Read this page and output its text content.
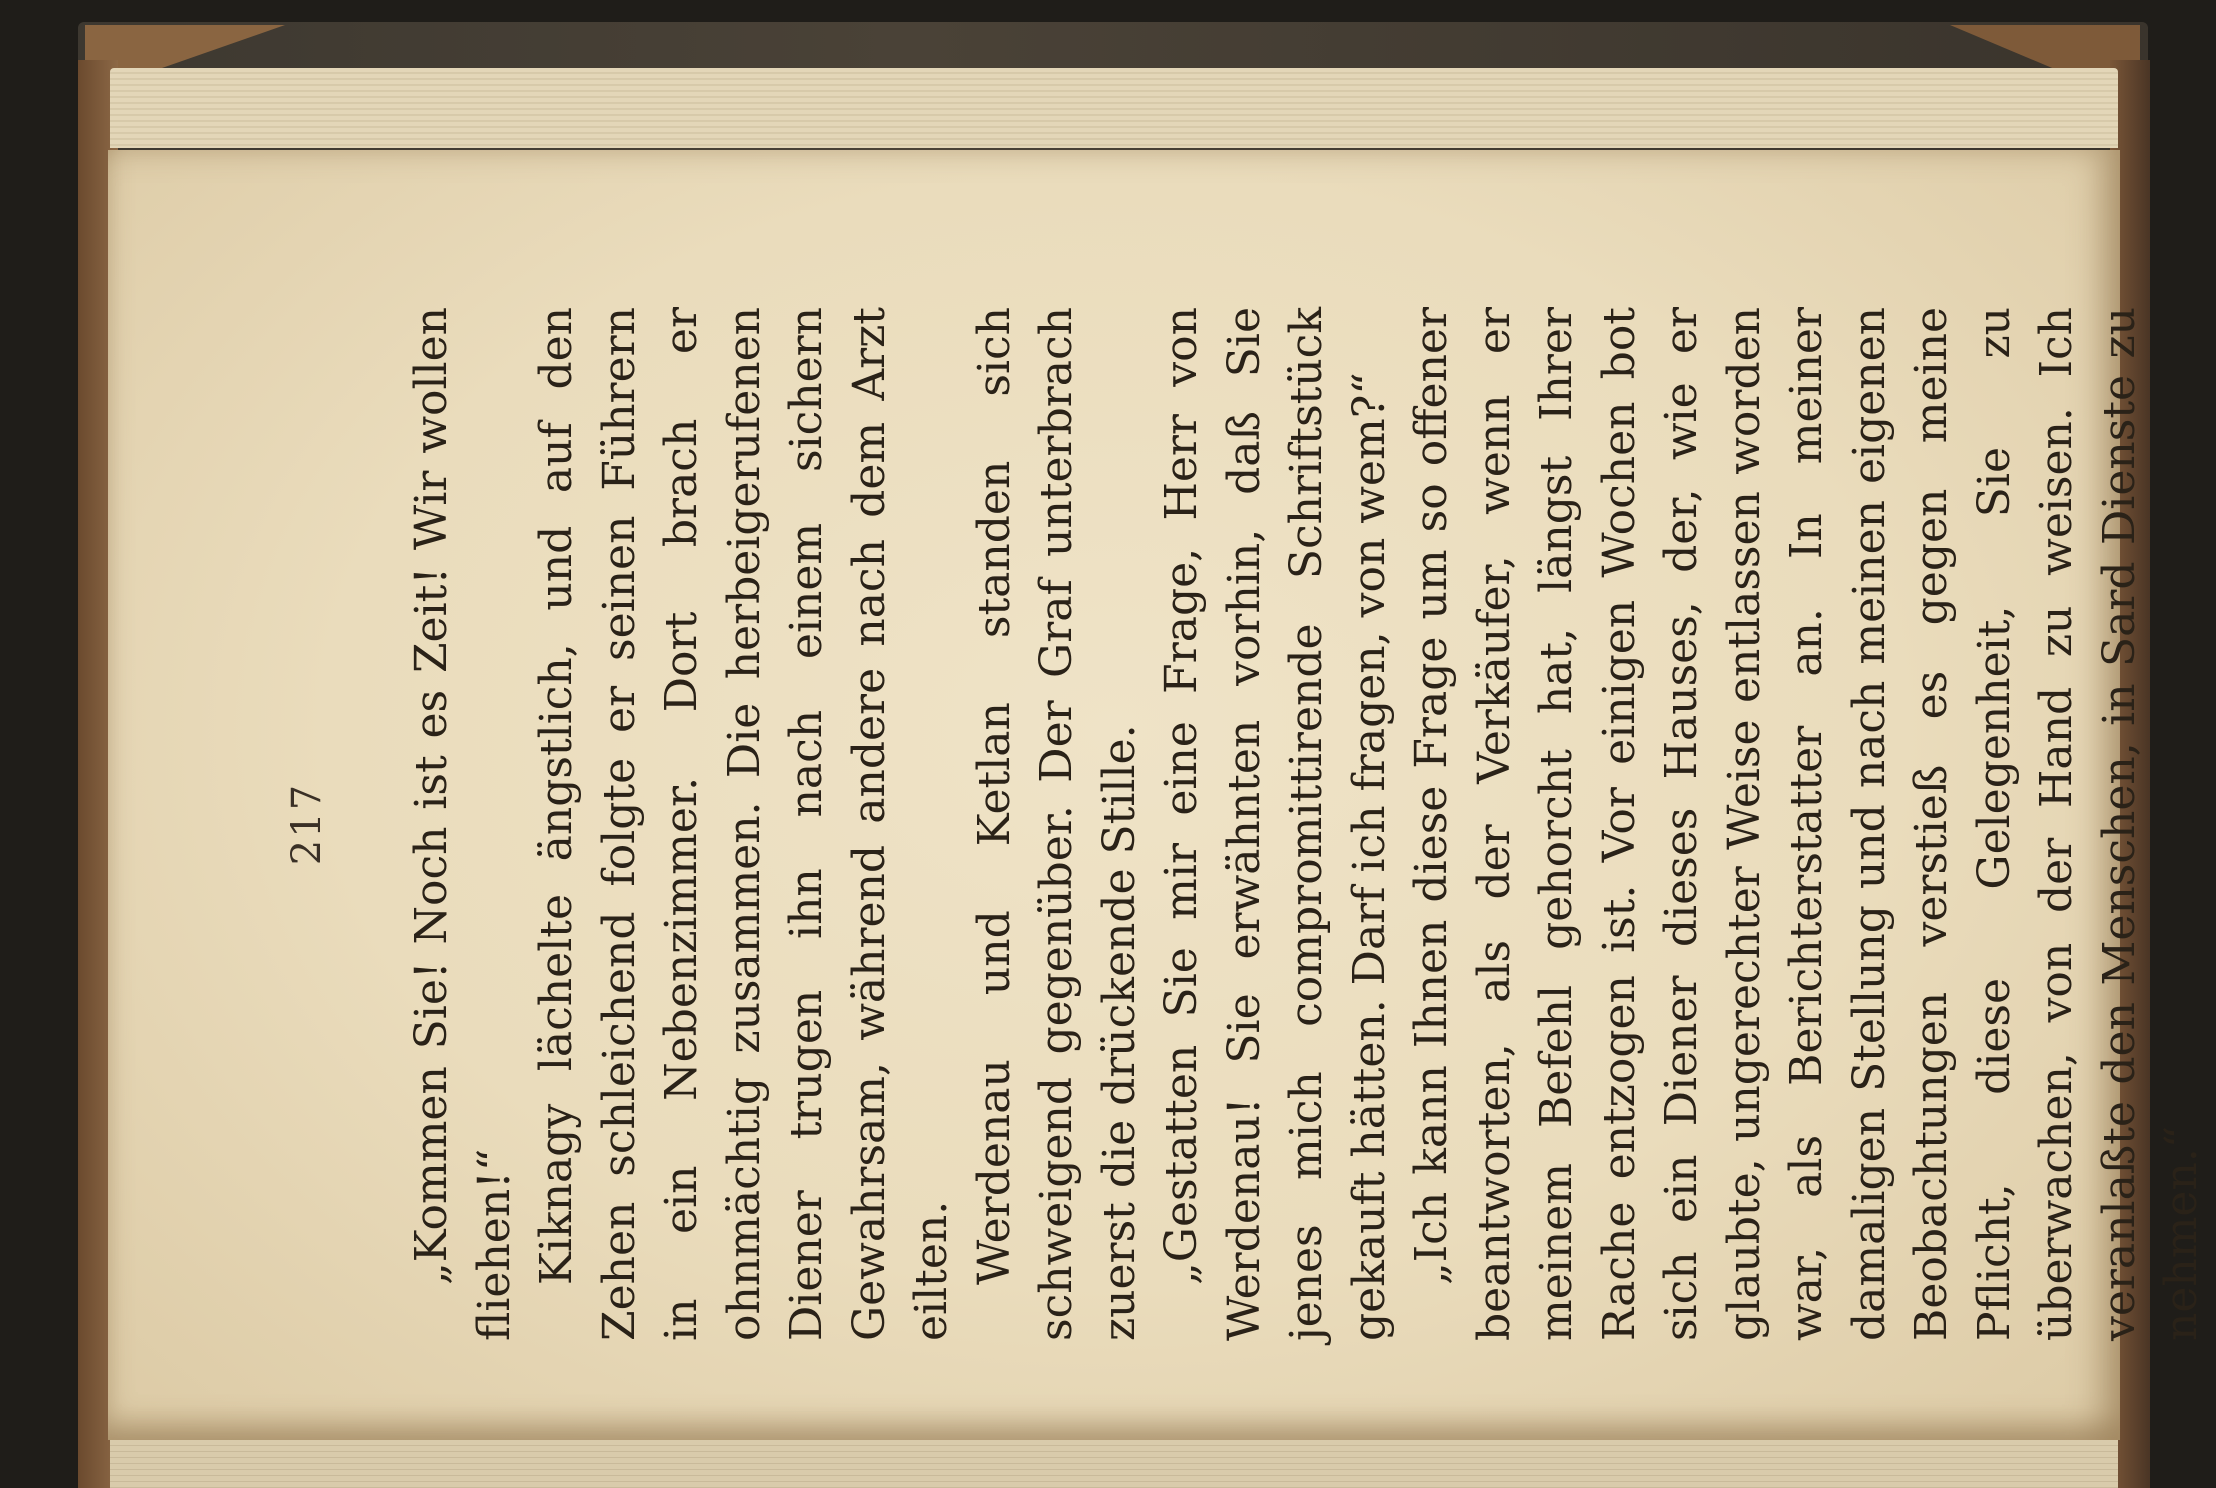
217 „Kommen Sie! Noch ist es Zeit! Wir wollen fliehen!“ Kiknagy lächelte ängstlich, und auf den Zehen schleichend folgte er seinen Führern in ein Nebenzimmer. Dort brach er ohnmächtig zusammen. Die herbeigerufenen Diener trugen ihn nach einem sichern Gewahrsam, während andere nach dem Arzt eilten. Werdenau und Ketlan standen sich schweigend gegenüber. Der Graf unterbrach zuerst die drückende Stille. „Gestatten Sie mir eine Frage, Herr von Werdenau! Sie erwähnten vorhin, daß Sie jenes mich compromittirende Schriftstück gekauft hätten. Darf ich fragen, von wem?“ „Ich kann Ihnen diese Frage um so offener beantworten, als der Verkäufer, wenn er meinem Befehl gehorcht hat, längst Ihrer Rache entzogen ist. Vor einigen Wochen bot sich ein Diener dieses Hauses, der, wie er glaubte, ungerechter Weise entlassen worden war, als Berichterstatter an. In meiner damaligen Stellung und nach meinen eigenen Beobachtungen verstieß es gegen meine Pflicht, diese Gelegenheit, Sie zu überwachen, von der Hand zu weisen. Ich veranlaßte den Menschen, in Sard Dienste zu nehmen.“
